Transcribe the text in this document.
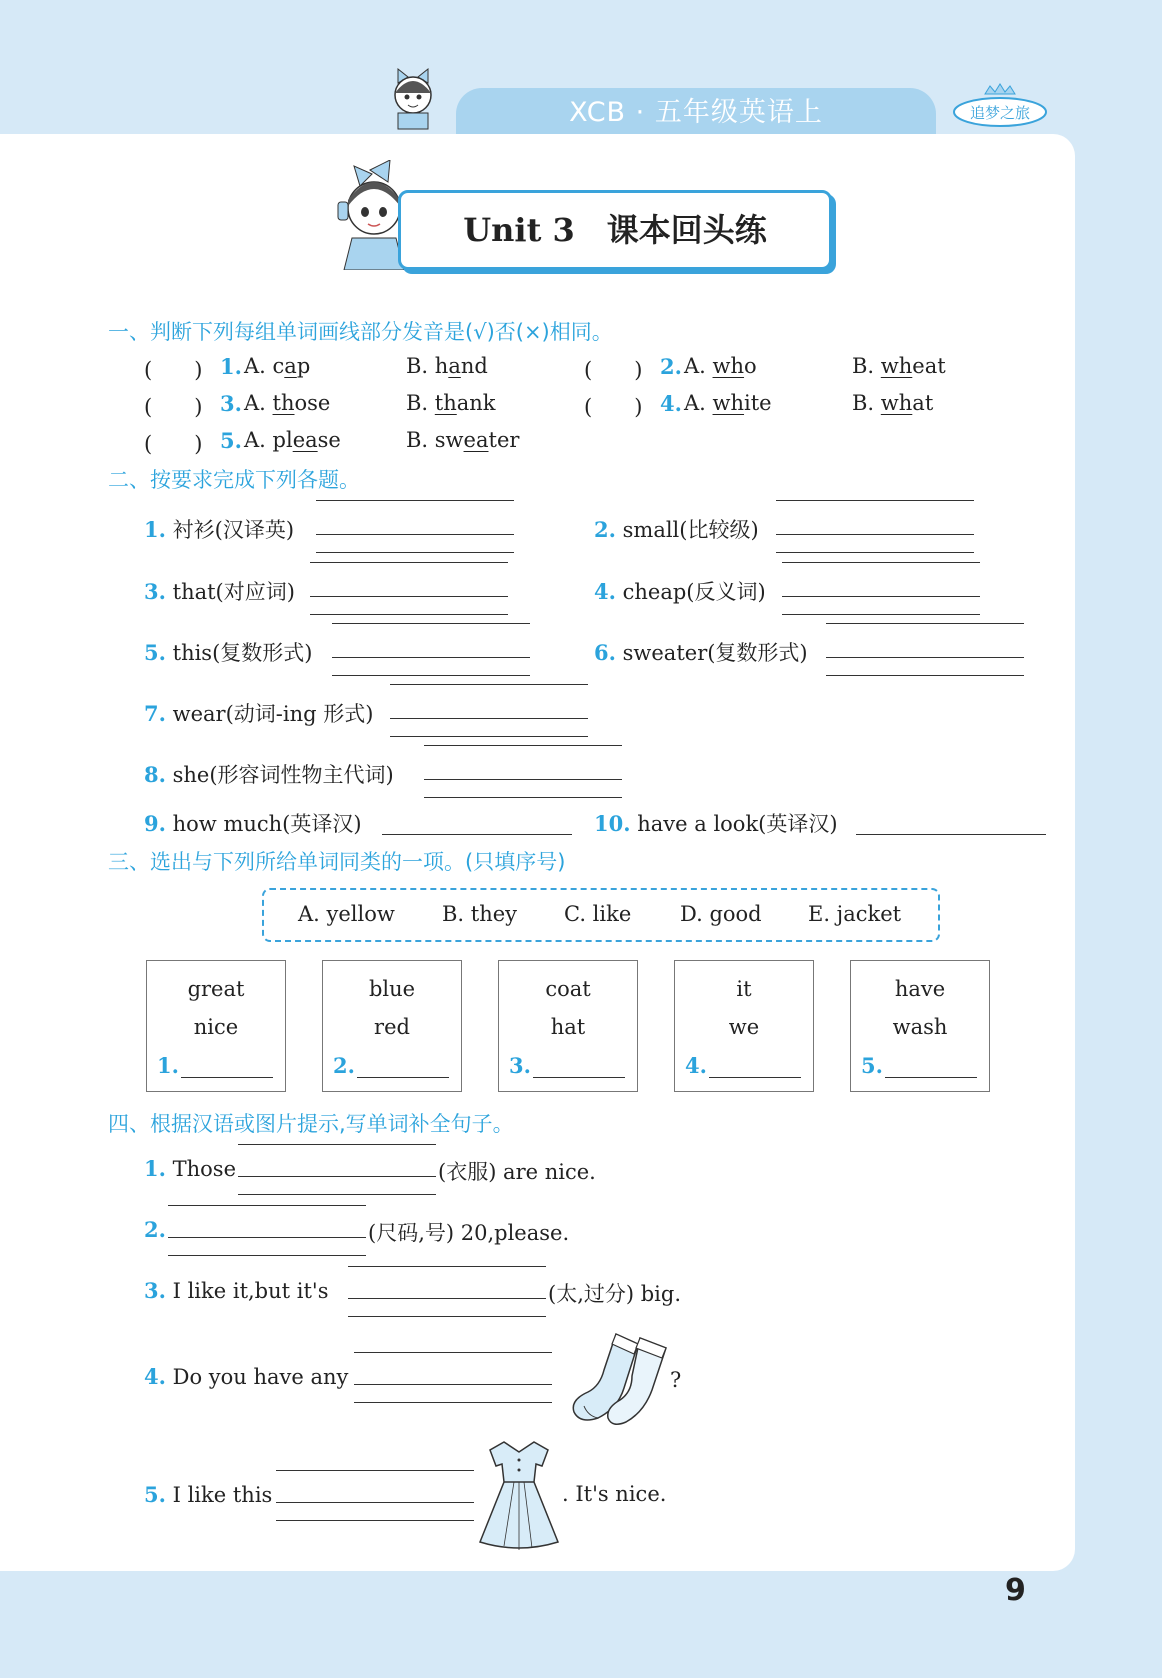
XCB · 五年级英语上	追梦之旅
Unit 3　课本回头练
一、判断下列每组单词画线部分发音是(√)否(×)相同。
(　　) 1. A. cap	B. hand	(　　) 2. A. who	B. wheat
(　　) 3. A. those	B. thank	(　　) 4. A. white	B. what
(　　) 5. A. please	B. sweater
二、按要求完成下列各题。
1. 衬衫(汉译英)	2. small(比较级)
3. that(对应词)	4. cheap(反义词)
5. this(复数形式)	6. sweater(复数形式)
7. wear(动词-ing 形式)
8. she(形容词性物主代词)
9. how much(英译汉)	10. have a look(英译汉)
三、选出与下列所给单词同类的一项。(只填序号)
A. yellow B. they C. like D. good E. jacket
great
nice
1.
blue
red
2.
coat
hat
3.
it
we
4.
have
wash
5.
四、根据汉语或图片提示,写单词补全句子。
1. Those	(衣服) are nice.
2.	(尺码,号) 20,please.
3. I like it,but it's	(太,过分) big.
4. Do you have any	?
5. I like this	. It's nice.
9
